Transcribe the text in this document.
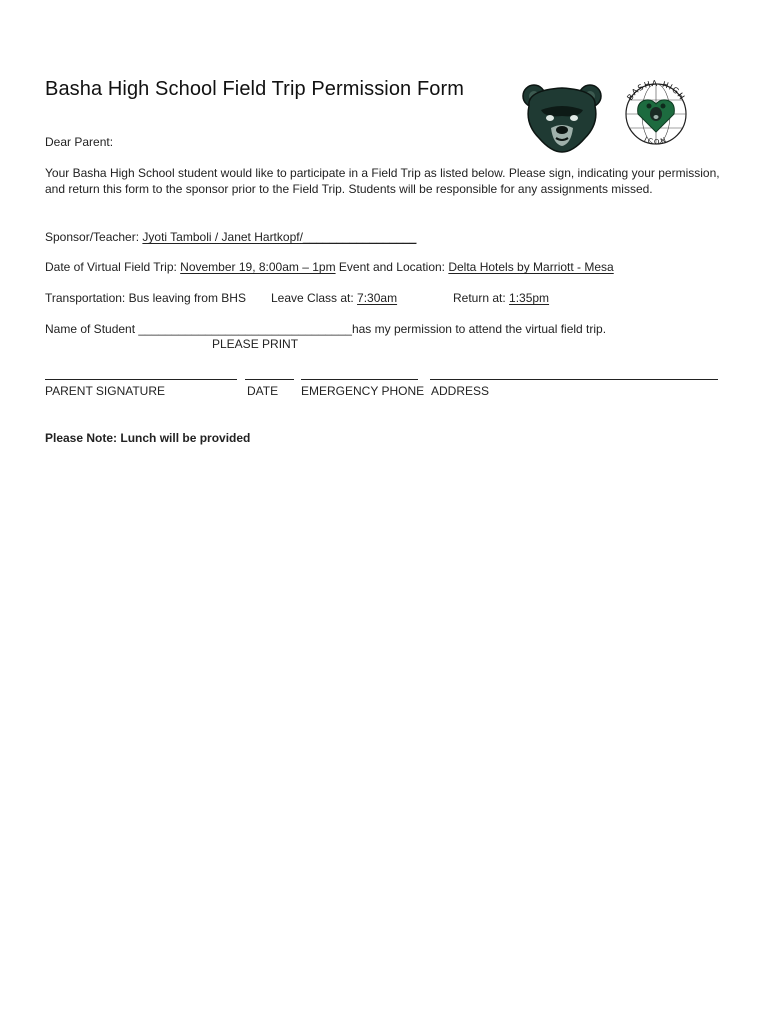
Basha High School Field Trip Permission Form	BASHA HIGH
ICON
Dear Parent:
Your Basha High School student would like to participate in a Field Trip as listed below. Please sign, indicating your permission, and return this form to the sponsor prior to the Field Trip. Students will be responsible for any assignments missed.
Sponsor/Teacher: Jyoti Tamboli / Janet Hartkopf/_________________
Date of Virtual Field Trip: November 19, 8:00am – 1pm Event and Location: Delta Hotels by Marriott - Mesa
Transportation: Bus leaving from BHS Leave Class at: 7:30am	Return at: 1:35pm
Name of Student ________________________________has my permission to attend the virtual field trip.
PLEASE PRINT
PARENT SIGNATURE	DATE EMERGENCY PHONE ADDRESS
Please Note: Lunch will be provided
